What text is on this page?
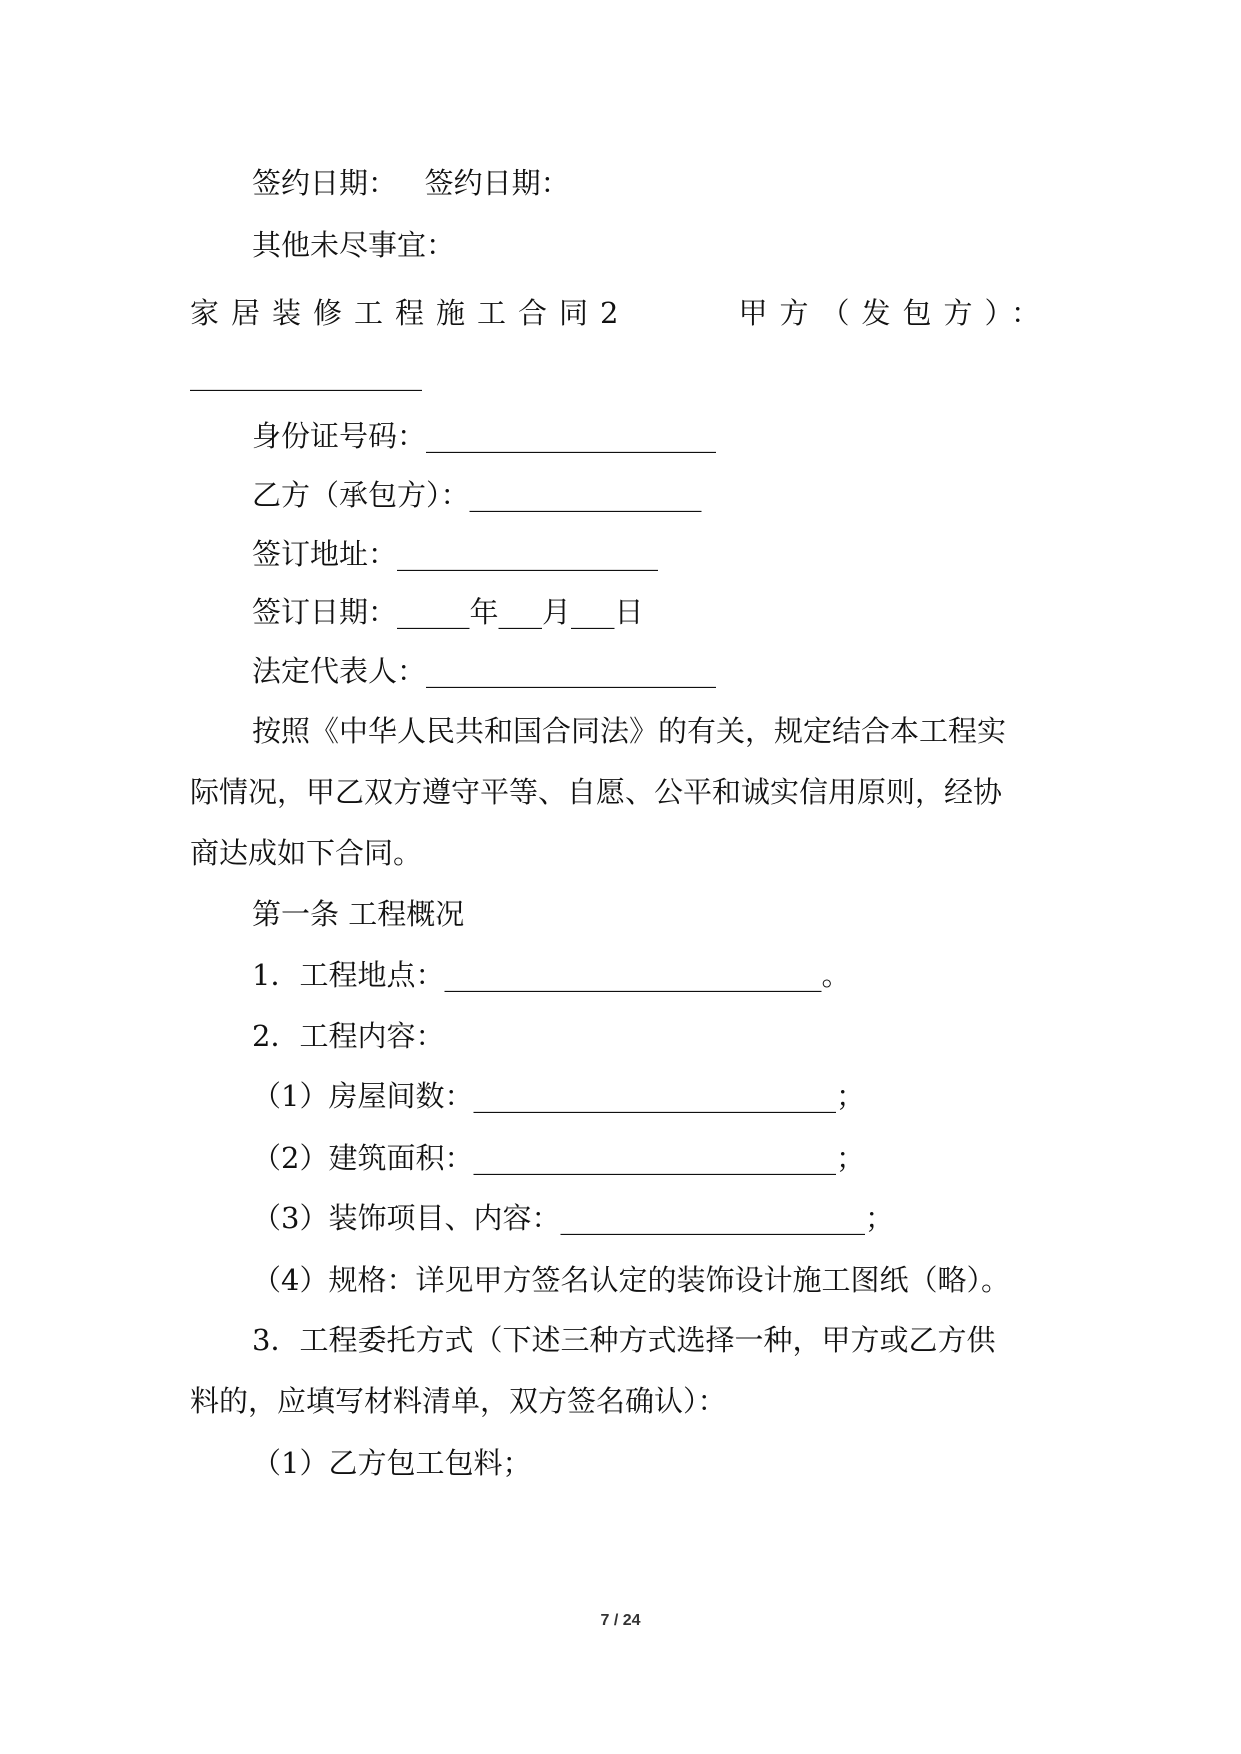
签约日期：   签约日期：
其他未尽事宜：
家居装修工程施工合同2	甲方（发包方）：
________________
身份证号码：____________________
乙方（承包方）：________________
签订地址：__________________
签订日期：_____年___月___日
法定代表人：____________________
按照《中华人民共和国合同法》的有关，规定结合本工程实
际情况，甲乙双方遵守平等、自愿、公平和诚实信用原则，经协
商达成如下合同。
第一条 工程概况
1．工程地点：__________________________。
2．工程内容：
（1）房屋间数：_________________________；
（2）建筑面积：_________________________；
（3）装饰项目、内容：_____________________；
（4）规格：详见甲方签名认定的装饰设计施工图纸（略）。
3．工程委托方式（下述三种方式选择一种，甲方或乙方供
料的，应填写材料清单，双方签名确认）：
（1）乙方包工包料；
7 / 24
